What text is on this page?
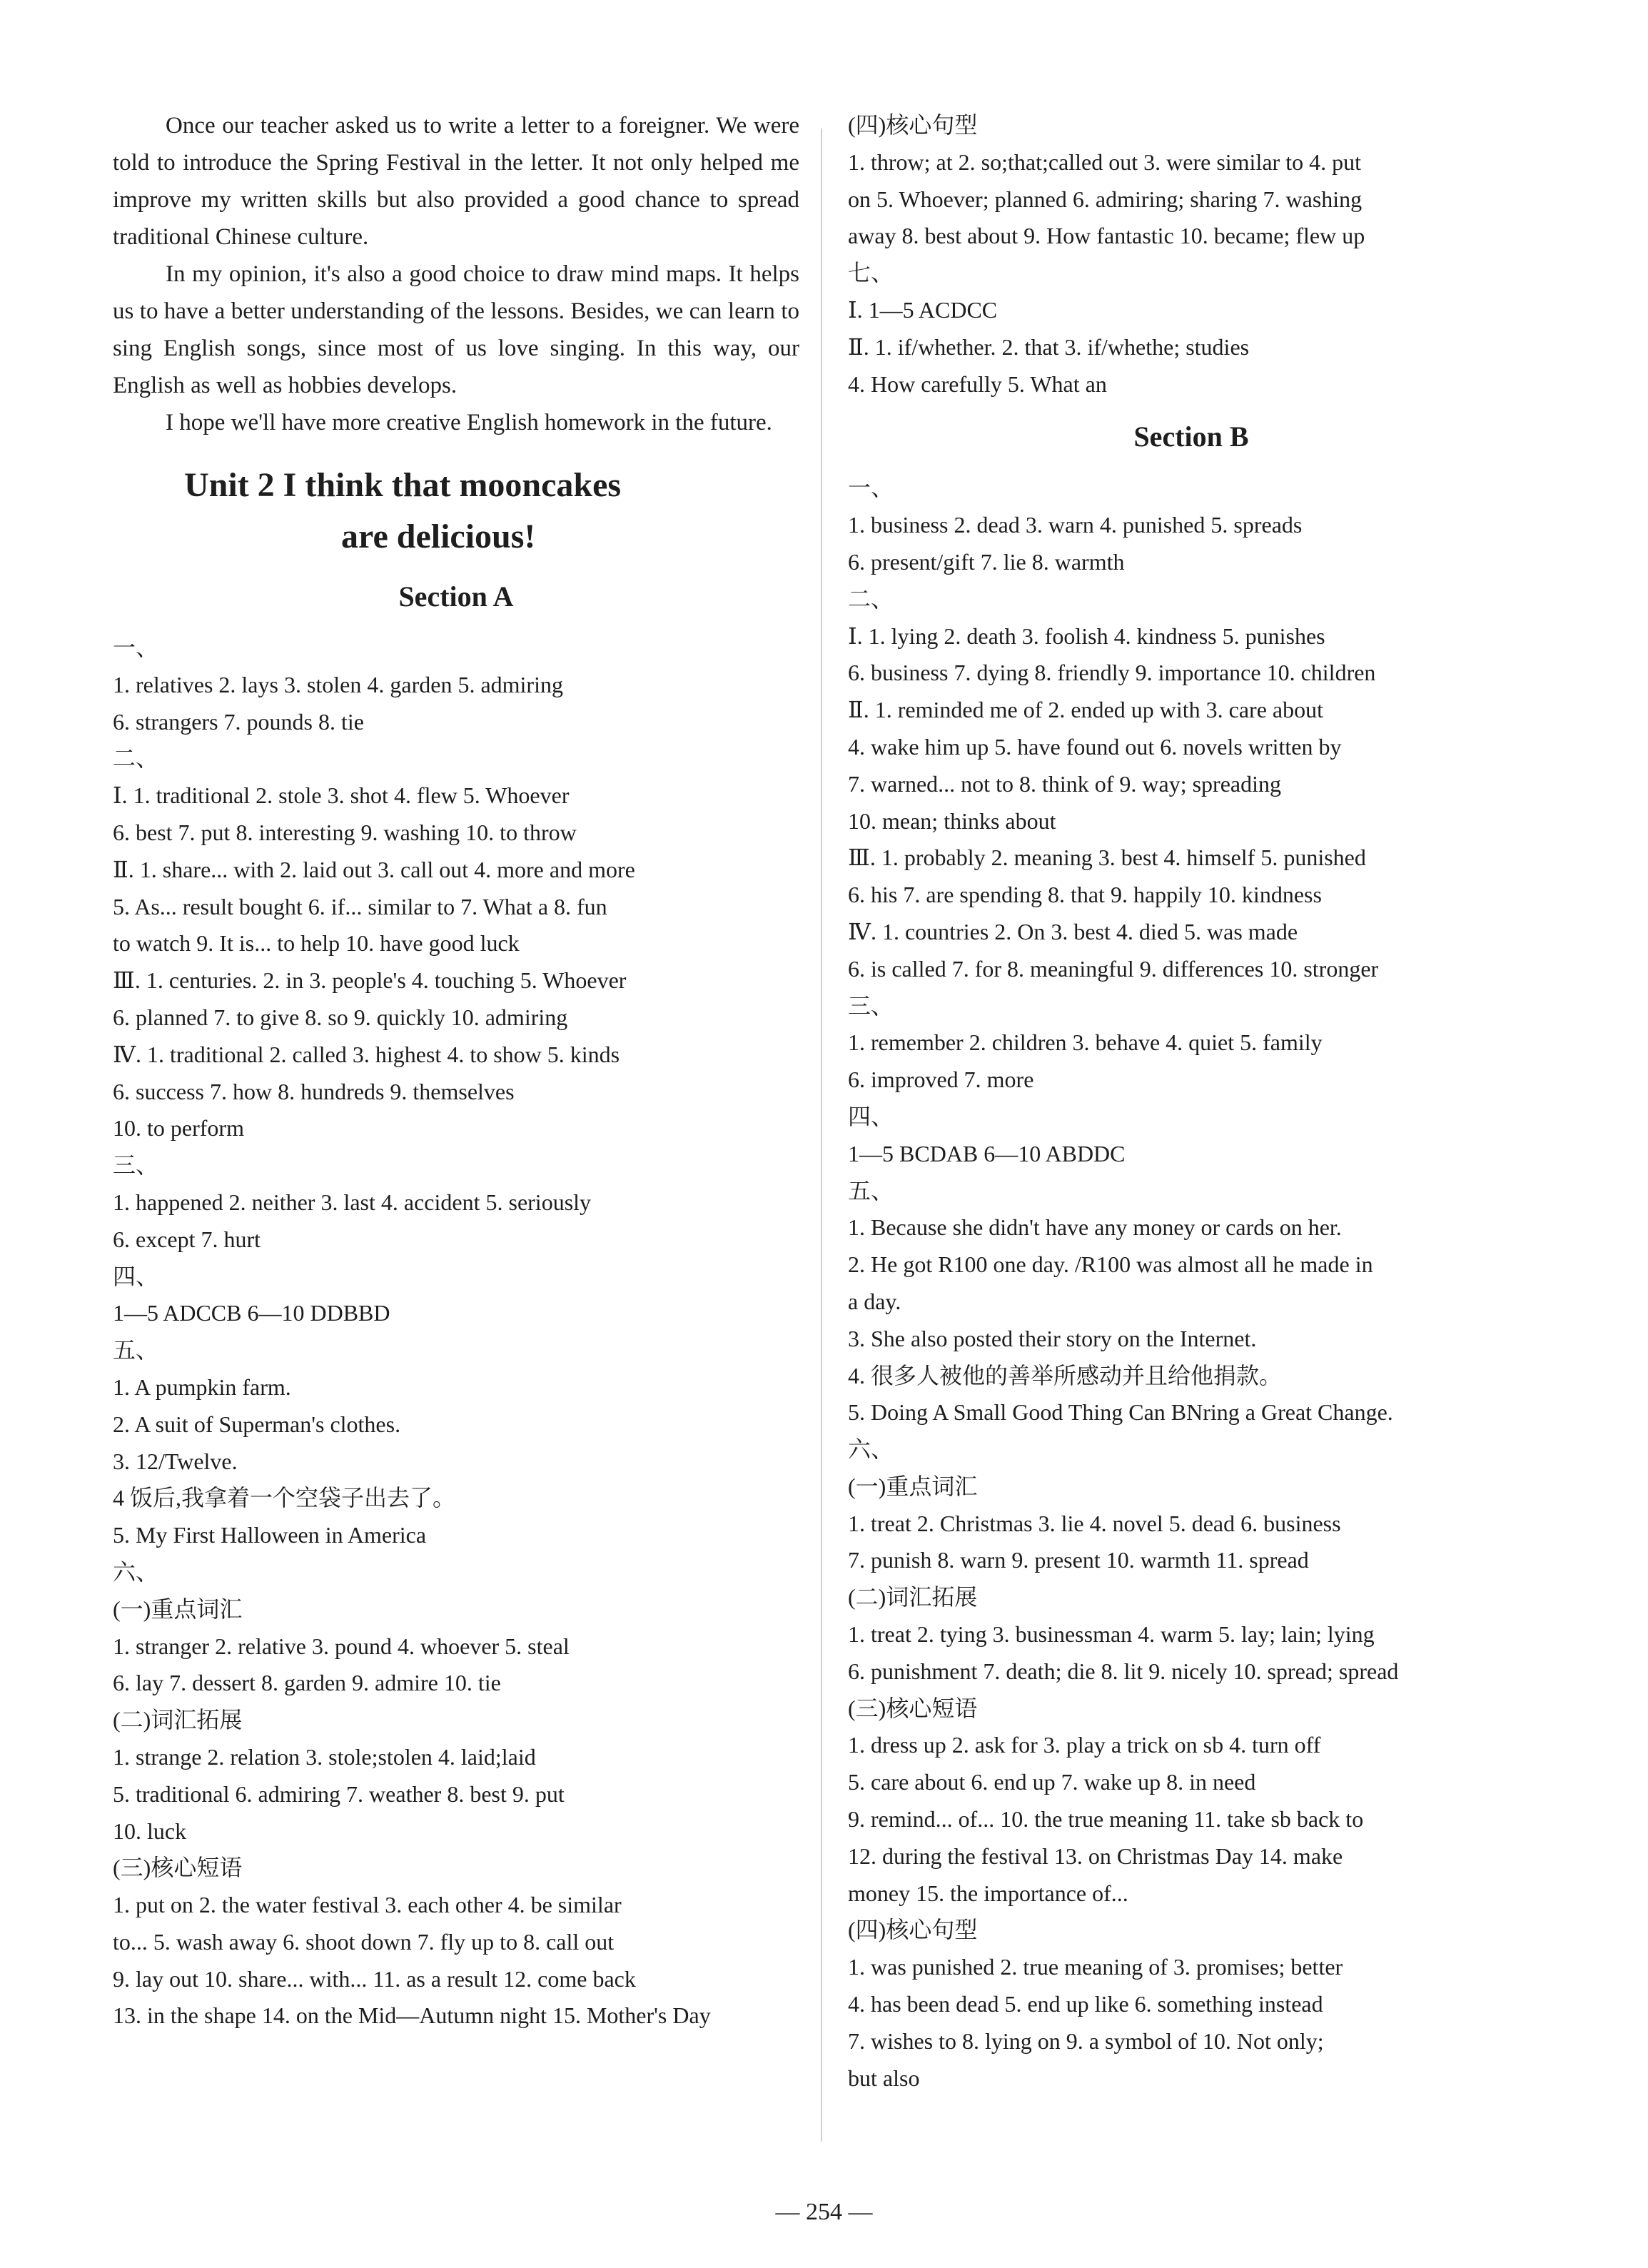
Once our teacher asked us to write a letter to a foreigner. We were told to introduce the Spring Festival in the letter. It not only helped me improve my written skills but also provided a good chance to spread traditional Chinese culture.

In my opinion, it's also a good choice to draw mind maps. It helps us to have a better understanding of the lessons. Besides, we can learn to sing English songs, since most of us love singing. In this way, our English as well as hobbies develops.

I hope we'll have more creative English homework in the future.

Unit 2 I think that mooncakes
are delicious!
Section A

一、

1. relatives 2. lays 3. stolen 4. garden 5. admiring

6. strangers 7. pounds 8. tie

二、

Ⅰ. 1. traditional 2. stole 3. shot 4. flew 5. Whoever

6. best 7. put 8. interesting 9. washing 10. to throw

Ⅱ. 1. share... with 2. laid out 3. call out 4. more and more

5. As... result bought 6. if... similar to 7. What a 8. fun

to watch 9. It is... to help 10. have good luck

Ⅲ. 1. centuries. 2. in 3. people's 4. touching 5. Whoever

6. planned 7. to give 8. so 9. quickly 10. admiring

Ⅳ. 1. traditional 2. called 3. highest 4. to show 5. kinds

6. success 7. how 8. hundreds 9. themselves

10. to perform

三、

1. happened 2. neither 3. last 4. accident 5. seriously

6. except 7. hurt

四、

1—5 ADCCB 6—10 DDBBD

五、

1. A pumpkin farm.

2. A suit of Superman's clothes.

3. 12/Twelve.

4 饭后,我拿着一个空袋子出去了。

5. My First Halloween in America

六、

(一)重点词汇

1. stranger 2. relative 3. pound 4. whoever 5. steal

6. lay 7. dessert 8. garden 9. admire 10. tie

(二)词汇拓展

1. strange 2. relation 3. stole;stolen 4. laid;laid

5. traditional 6. admiring 7. weather 8. best 9. put

10. luck

(三)核心短语

1. put on 2. the water festival 3. each other 4. be similar

to... 5. wash away 6. shoot down 7. fly up to 8. call out

9. lay out 10. share... with... 11. as a result 12. come back

13. in the shape 14. on the Mid—Autumn night 15. Mother's Day

(四)核心句型

1. throw; at 2. so;that;called out 3. were similar to 4. put

on 5. Whoever; planned 6. admiring; sharing 7. washing

away 8. best about 9. How fantastic 10. became; flew up

七、

Ⅰ. 1—5 ACDCC

Ⅱ. 1. if/whether. 2. that 3. if/whethe; studies

4. How carefully 5. What an

Section B

一、

1. business 2. dead 3. warn 4. punished 5. spreads

6. present/gift 7. lie 8. warmth

二、

Ⅰ. 1. lying 2. death 3. foolish 4. kindness 5. punishes

6. business 7. dying 8. friendly 9. importance 10. children

Ⅱ. 1. reminded me of 2. ended up with 3. care about

4. wake him up 5. have found out 6. novels written by

7. warned... not to 8. think of 9. way; spreading

10. mean; thinks about

Ⅲ. 1. probably 2. meaning 3. best 4. himself 5. punished

6. his 7. are spending 8. that 9. happily 10. kindness

Ⅳ. 1. countries 2. On 3. best 4. died 5. was made

6. is called 7. for 8. meaningful 9. differences 10. stronger

三、

1. remember 2. children 3. behave 4. quiet 5. family

6. improved 7. more

四、

1—5 BCDAB 6—10 ABDDC

五、

1. Because she didn't have any money or cards on her.

2. He got R100 one day. /R100 was almost all he made in

a day.

3. She also posted their story on the Internet.

4. 很多人被他的善举所感动并且给他捐款。

5. Doing A Small Good Thing Can BNring a Great Change.

六、

(一)重点词汇

1. treat 2. Christmas 3. lie 4. novel 5. dead 6. business

7. punish 8. warn 9. present 10. warmth 11. spread

(二)词汇拓展

1. treat 2. tying 3. businessman 4. warm 5. lay; lain; lying

6. punishment 7. death; die 8. lit 9. nicely 10. spread; spread

(三)核心短语

1. dress up 2. ask for 3. play a trick on sb 4. turn off

5. care about 6. end up 7. wake up 8. in need

9. remind... of... 10. the true meaning 11. take sb back to

12. during the festival 13. on Christmas Day 14. make

money 15. the importance of...

(四)核心句型

1. was punished 2. true meaning of 3. promises; better

4. has been dead 5. end up like 6. something instead

7. wishes to 8. lying on 9. a symbol of 10. Not only;

but also

— 254 —
